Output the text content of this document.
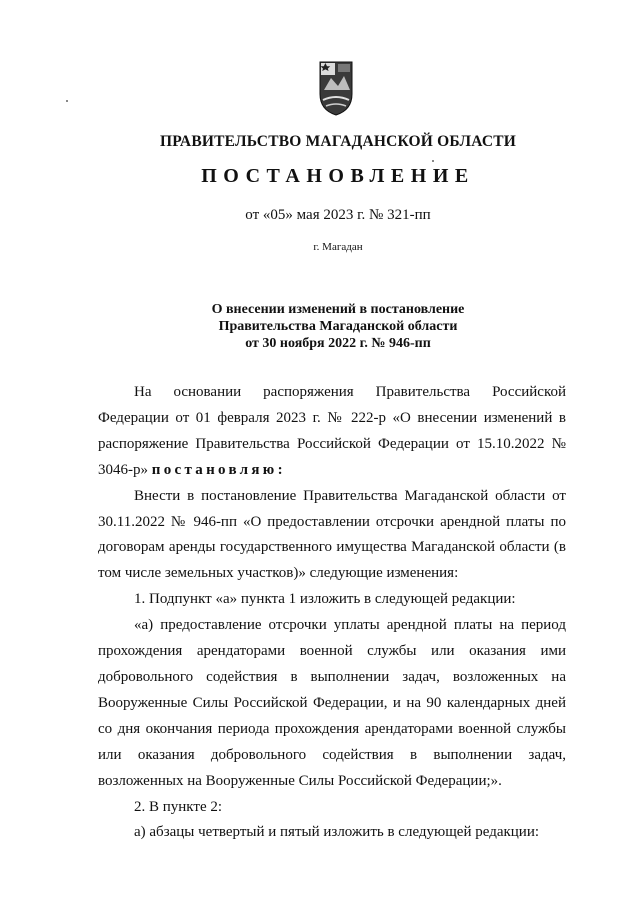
ПРАВИТЕЛЬСТВО МАГАДАНСКОЙ ОБЛАСТИ
ПОСТАНОВЛЕНИЕ
от «05» мая 2023 г. № 321-пп
г. Магадан
О внесении изменений в постановление
Правительства Магаданской области
от 30 ноября 2022 г. № 946-пп

На основании распоряжения Правительства Российской Федерации от 01 февраля 2023 г. № 222-р «О внесении изменений в распоряжение Правительства Российской Федерации от 15.10.2022 № 3046-р» постановляю:

Внести в постановление Правительства Магаданской области от 30.11.2022 № 946-пп «О предоставлении отсрочки арендной платы по договорам аренды государственного имущества Магаданской области (в том числе земельных участков)» следующие изменения:

1. Подпункт «а» пункта 1 изложить в следующей редакции:

«а) предоставление отсрочки уплаты арендной платы на период прохождения арендаторами военной службы или оказания ими добровольного содействия в выполнении задач, возложенных на Вооруженные Силы Российской Федерации, и на 90 календарных дней со дня окончания периода прохождения арендаторами военной службы или оказания добровольного содействия в выполнении задач, возложенных на Вооруженные Силы Российской Федерации;».

2. В пункте 2:

а) абзацы четвертый и пятый изложить в следующей редакции:
